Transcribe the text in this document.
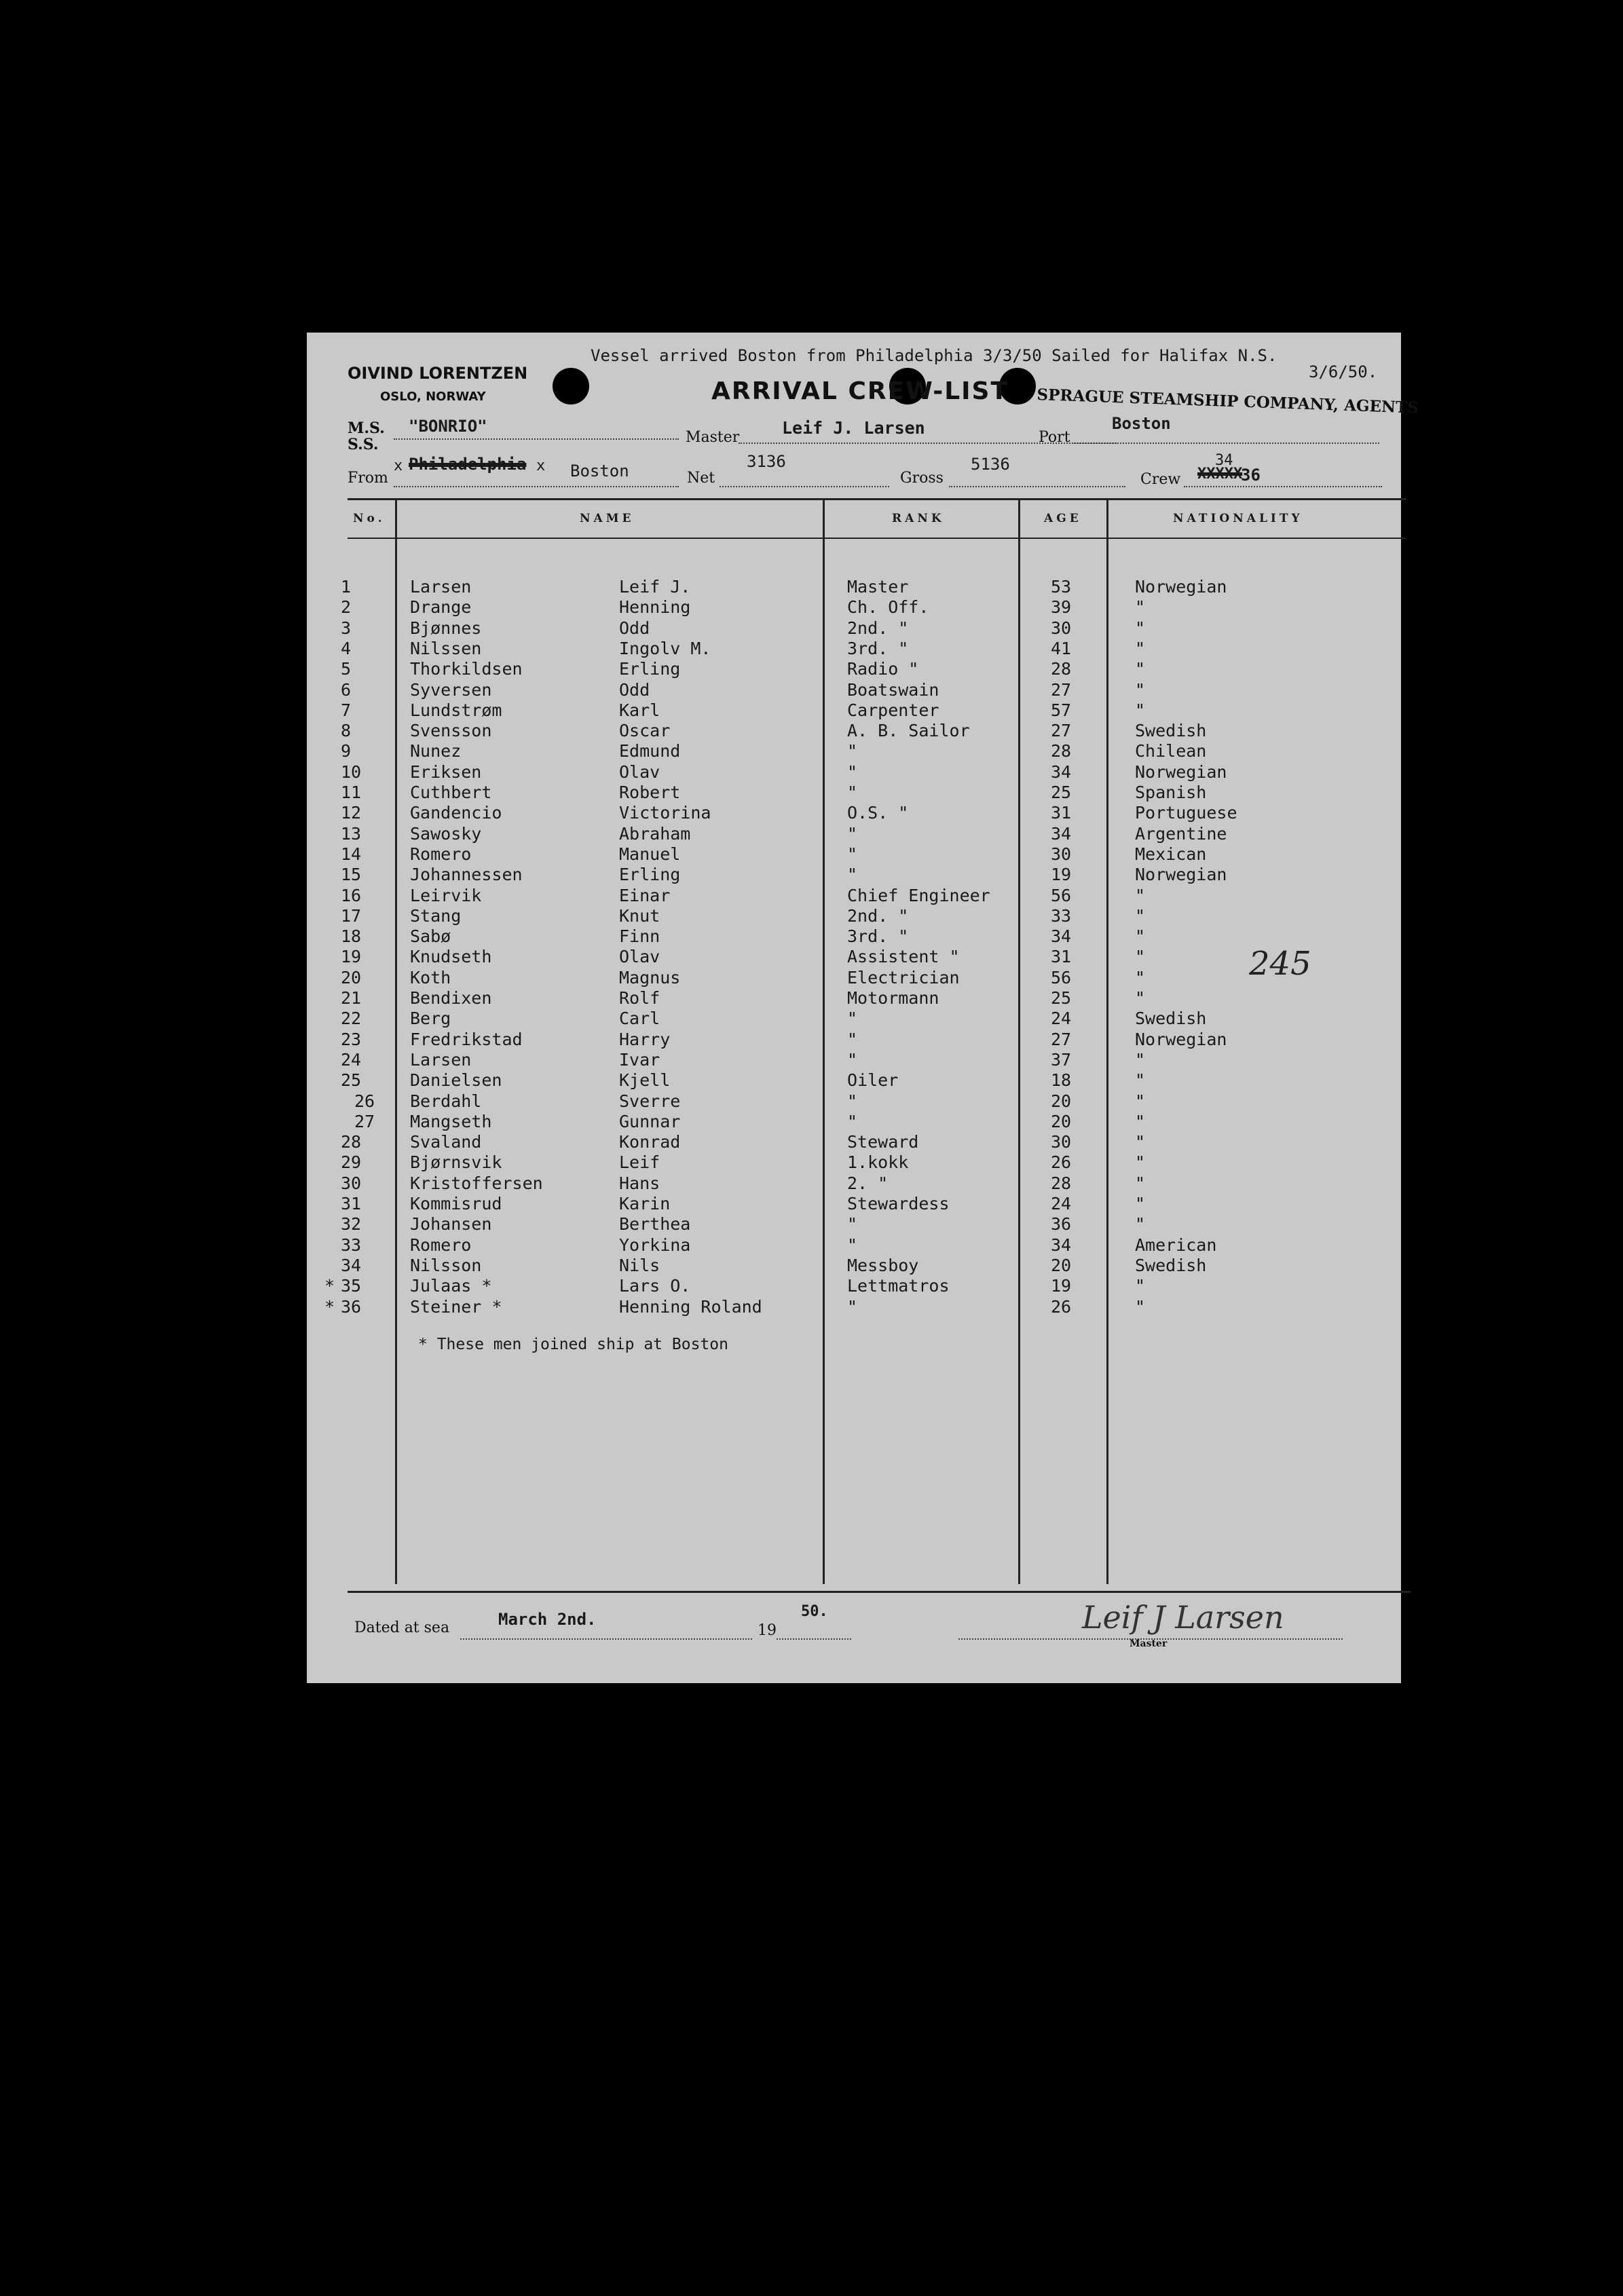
OIVIND LORENTZEN
OSLO, NORWAY
Vessel arrived Boston from Philadelphia 3/3/50 Sailed for Halifax N.S.
3/6/50.
ARRIVAL CREW-LIST SPRAGUE STEAMSHIP COMPANY, AGENTS
M.S.
S.S.
"BONRIO"
Master	Leif J. Larsen	Port
Boston
From
x Philadelphia x Boston	Net
3136
Gross
5136
Crew
34
XXXXX
36
No.	NAME	RANK	AGE	NATIONALITY
1	Larsen	Leif J.	Master	53	Norwegian
2	Drange	Henning	Ch. Off.	39	"
3	Bjønnes	Odd	2nd. "	30	"
4	Nilssen	Ingolv M.	3rd. "	41	"
5	Thorkildsen	Erling	Radio "	28	"
6	Syversen	Odd	Boatswain	27	"
7	Lundstrøm	Karl	Carpenter	57	"
8	Svensson	Oscar	A. B. Sailor	27	Swedish
9	Nunez	Edmund	"	28	Chilean
10	Eriksen	Olav	"	34	Norwegian
11	Cuthbert	Robert	"	25	Spanish
12	Gandencio	Victorina	O.S. "	31	Portuguese
13	Sawosky	Abraham	"	34	Argentine
14	Romero	Manuel	"	30	Mexican
15	Johannessen	Erling	"	19	Norwegian
16	Leirvik	Einar	Chief Engineer	56	"
17	Stang	Knut	2nd. "	33	"
18	Sabø	Finn	3rd. "	34	"
19	Knudseth	Olav	Assistent "	31	"
20	Koth	Magnus	Electrician	56	"
21	Bendixen	Rolf	Motormann	25	"
22	Berg	Carl	"	24	Swedish
23	Fredrikstad	Harry	"	27	Norwegian
24	Larsen	Ivar	"	37	"
25	Danielsen	Kjell	Oiler	18	"
26	Berdahl	Sverre	"	20	"
27	Mangseth	Gunnar	"	20	"
28	Svaland	Konrad	Steward	30	"
29	Bjørnsvik	Leif	1.kokk	26	"
30	Kristoffersen	Hans	2. "	28	"
31	Kommisrud	Karin	Stewardess	24	"
32	Johansen	Berthea	"	36	"
33	Romero	Yorkina	"	34	American
34	Nilsson	Nils	Messboy	20	Swedish
* 35	Julaas *	Lars O.	Lettmatros	19	"
* 36	Steiner *	Henning Roland	"	26	"
* These men joined ship at Boston
245
Dated at sea	March 2nd.
19
50.	Leif J Larsen
Master
